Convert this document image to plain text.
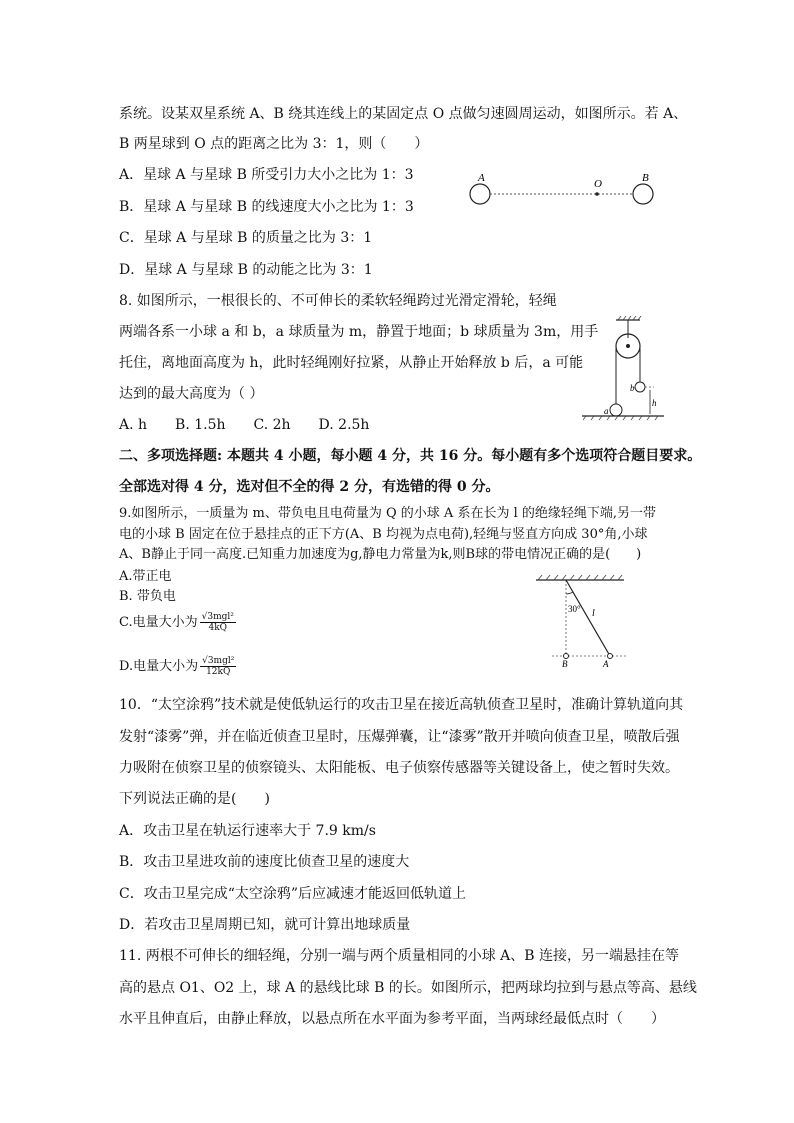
系统。设某双星系统 A、B 绕其连线上的某固定点 O 点做匀速圆周运动，如图所示。若 A、
B 两星球到 O 点的距离之比为 3：1，则（　　）
A．星球 A 与星球 B 所受引力大小之比为 1：3
B．星球 A 与星球 B 的线速度大小之比为 1：3
C．星球 A 与星球 B 的质量之比为 3：1
D．星球 A 与星球 B 的动能之比为 3：1
8. 如图所示，一根很长的、不可伸长的柔软轻绳跨过光滑定滑轮，轻绳
两端各系一小球 a 和 b，a 球质量为 m，静置于地面；b 球质量为 3m，用手
托住，离地面高度为 h，此时轻绳刚好拉紧，从静止开始释放 b 后，a 可能
达到的最大高度为（ ）
A. h　　B. 1.5h　　C. 2h　　D. 2.5h
二、多项选择题: 本题共 4 小题，每小题 4 分，共 16 分。每小题有多个选项符合题目要求。
全部选对得 4 分，选对但不全的得 2 分，有选错的得 0 分。
9.如图所示，一质量为 m、带负电且电荷量为 Q 的小球 A 系在长为 l 的绝缘轻绳下端,另一带
电的小球 B 固定在位于悬挂点的正下方(A、B 均视为点电荷),轻绳与竖直方向成 30°角,小球
A、B静止于同一高度.已知重力加速度为g,静电力常量为k,则B球的带电情况正确的是(　　)
A.带正电
B. 带负电
C.电量大小为 $\frac{\text{√3mgl²}}{4kQ}$
D.电量大小为 $\frac{\text{√3mgl²}}{12kQ}$
10．“太空涂鸦”技术就是使低轨运行的攻击卫星在接近高轨侦查卫星时，准确计算轨道向其
发射“漆雾”弹，并在临近侦查卫星时，压爆弹囊，让“漆雾”散开并喷向侦查卫星，喷散后强
力吸附在侦察卫星的侦察镜头、太阳能板、电子侦察传感器等关键设备上，使之暂时失效。
下列说法正确的是(　　)
A．攻击卫星在轨运行速率大于 7.9 km/s
B．攻击卫星进攻前的速度比侦查卫星的速度大
C．攻击卫星完成“太空涂鸦”后应减速才能返回低轨道上
D．若攻击卫星周期已知，就可计算出地球质量
11. 两根不可伸长的细轻绳，分别一端与两个质量相同的小球 A、B 连接，另一端悬挂在等
高的悬点 O1、O2 上，球 A 的悬线比球 B 的长。如图所示，把两球均拉到与悬点等高、悬线
水平且伸直后，由静止释放，以悬点所在水平面为参考平面，当两球经最低点时（　　）
A	O	B
b
a
h
30° l
B	A
